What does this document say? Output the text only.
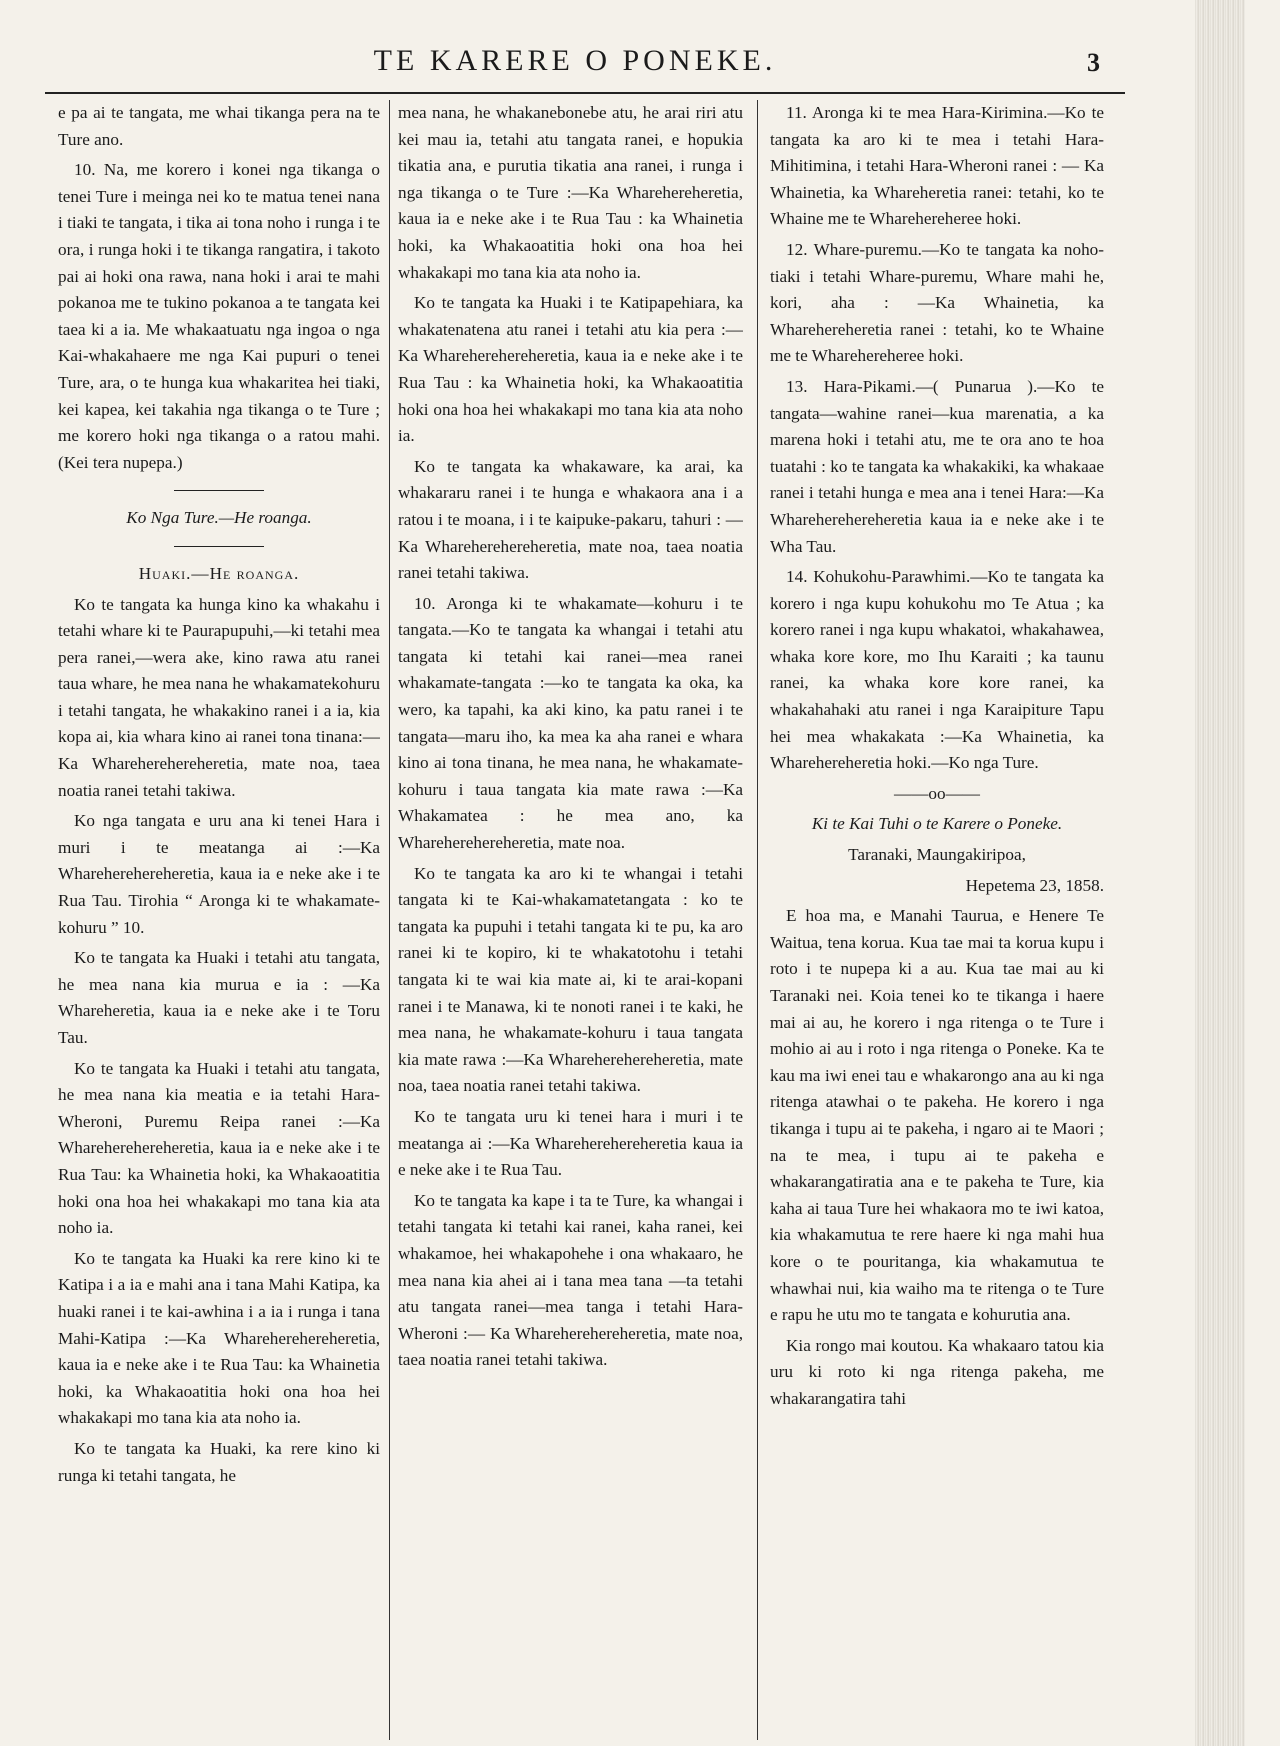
TE KARERE O PONEKE.	3

e pa ai te tangata, me whai tikanga pera na te Ture ano.

10. Na, me korero i konei nga tikanga o tenei Ture i meinga nei ko te matua tenei nana i tiaki te tangata, i tika ai tona noho i runga i te ora, i runga hoki i te tikanga rangatira, i takoto pai ai hoki ona rawa, nana hoki i arai te mahi pokanoa me te tukino pokanoa a te tangata kei taea ki a ia. Me whakaatuatu nga ingoa o nga Kai-whakahaere me nga Kai pupuri o tenei Ture, ara, o te hunga kua whakaritea hei tiaki, kei kapea, kei takahia nga tikanga o te Ture ; me korero hoki nga tikanga o a ratou mahi. (Kei tera nupepa.)

Ko Nga Ture.—He roanga.

Huaki.—He roanga.

Ko te tangata ka hunga kino ka whakahu i tetahi whare ki te Paurapupuhi,—ki tetahi mea pera ranei,—wera ake, kino rawa atu ranei taua whare, he mea nana he whakamatekohuru i tetahi tangata, he whakakino ranei i a ia, kia kopa ai, kia whara kino ai ranei tona tinana:—Ka Whareherehereheretia, mate noa, taea noatia ranei tetahi takiwa.

Ko nga tangata e uru ana ki tenei Hara i muri i te meatanga ai :—Ka Whareherehereheretia, kaua ia e neke ake i te Rua Tau. Tirohia “ Aronga ki te whakamate-kohuru ” 10.

Ko te tangata ka Huaki i tetahi atu tangata, he mea nana kia murua e ia : —Ka Whareheretia, kaua ia e neke ake i te Toru Tau.

Ko te tangata ka Huaki i tetahi atu tangata, he mea nana kia meatia e ia tetahi Hara-Wheroni, Puremu Reipa ranei :—Ka Whareherehereheretia, kaua ia e neke ake i te Rua Tau: ka Whainetia hoki, ka Whakaoatitia hoki ona hoa hei whakakapi mo tana kia ata noho ia.

Ko te tangata ka Huaki ka rere kino ki te Katipa i a ia e mahi ana i tana Mahi Katipa, ka huaki ranei i te kai-awhina i a ia i runga i tana Mahi-Katipa :—Ka Whareherehereheretia, kaua ia e neke ake i te Rua Tau: ka Whainetia hoki, ka Whakaoatitia hoki ona hoa hei whakakapi mo tana kia ata noho ia.

Ko te tangata ka Huaki, ka rere kino ki runga ki tetahi tangata, he

mea nana, he whakanebonebe atu, he arai riri atu kei mau ia, tetahi atu tangata ranei, e hopukia tikatia ana, e purutia tikatia ana ranei, i runga i nga tikanga o te Ture :—Ka Wharehereheretia, kaua ia e neke ake i te Rua Tau : ka Whainetia hoki, ka Whakaoatitia hoki ona hoa hei whakakapi mo tana kia ata noho ia.

Ko te tangata ka Huaki i te Katipapehiara, ka whakatenatena atu ranei i tetahi atu kia pera :—Ka Whareherehereheretia, kaua ia e neke ake i te Rua Tau : ka Whainetia hoki, ka Whakaoatitia hoki ona hoa hei whakakapi mo tana kia ata noho ia.

Ko te tangata ka whakaware, ka arai, ka whakararu ranei i te hunga e whakaora ana i a ratou i te moana, i i te kaipuke-pakaru, tahuri : — Ka Whareherehereheretia, mate noa, taea noatia ranei tetahi takiwa.

10. Aronga ki te whakamate—kohuru i te tangata.—Ko te tangata ka whangai i tetahi atu tangata ki tetahi kai ranei—mea ranei whakamate-tangata :—ko te tangata ka oka, ka wero, ka tapahi, ka aki kino, ka patu ranei i te tangata—maru iho, ka mea ka aha ranei e whara kino ai tona tinana, he mea nana, he whakamate-kohuru i taua tangata kia mate rawa :—Ka Whakamatea : he mea ano, ka Whareherehereheretia, mate noa.

Ko te tangata ka aro ki te whangai i tetahi tangata ki te Kai-whakamatetangata : ko te tangata ka pupuhi i tetahi tangata ki te pu, ka aro ranei ki te kopiro, ki te whakatotohu i tetahi tangata ki te wai kia mate ai, ki te arai-kopani ranei i te Manawa, ki te nonoti ranei i te kaki, he mea nana, he whakamate-kohuru i taua tangata kia mate rawa :—Ka Whareherehereheretia, mate noa, taea noatia ranei tetahi takiwa.

Ko te tangata uru ki tenei hara i muri i te meatanga ai :—Ka Whareherehereheretia kaua ia e neke ake i te Rua Tau.

Ko te tangata ka kape i ta te Ture, ka whangai i tetahi tangata ki tetahi kai ranei, kaha ranei, kei whakamoe, hei whakapohehe i ona whakaaro, he mea nana kia ahei ai i tana mea tana —ta tetahi atu tangata ranei—mea tanga i tetahi Hara-Wheroni :— Ka Whareherehereheretia, mate noa, taea noatia ranei tetahi takiwa.

11. Aronga ki te mea Hara-Kirimina.—Ko te tangata ka aro ki te mea i tetahi Hara-Mihitimina, i tetahi Hara-Wheroni ranei : — Ka Whainetia, ka Whareheretia ranei: tetahi, ko te Whaine me te Wharehereheree hoki.

12. Whare-puremu.—Ko te tangata ka noho-tiaki i tetahi Whare-puremu, Whare mahi he, kori, aha : —Ka Whainetia, ka Wharehereheretia ranei : tetahi, ko te Whaine me te Wharehereheree hoki.

13. Hara-Pikami.—( Punarua ).—Ko te tangata—wahine ranei—kua marenatia, a ka marena hoki i tetahi atu, me te ora ano te hoa tuatahi : ko te tangata ka whakakiki, ka whakaae ranei i tetahi hunga e mea ana i tenei Hara:—Ka Whareherehereheretia kaua ia e neke ake i te Wha Tau.

14. Kohukohu-Parawhimi.—Ko te tangata ka korero i nga kupu kohukohu mo Te Atua ; ka korero ranei i nga kupu whakatoi, whakahawea, whaka kore kore, mo Ihu Karaiti ; ka taunu ranei, ka whaka kore kore ranei, ka whakahahaki atu ranei i nga Karaipiture Tapu hei mea whakakata :—Ka Whainetia, ka Wharehereheretia hoki.—Ko nga Ture.

——oo——

Ki te Kai Tuhi o te Karere o Poneke.

Taranaki, Maungakiripoa,

Hepetema 23, 1858.

E hoa ma, e Manahi Taurua, e Henere Te Waitua, tena korua. Kua tae mai ta korua kupu i roto i te nupepa ki a au. Kua tae mai au ki Taranaki nei. Koia tenei ko te tikanga i haere mai ai au, he korero i nga ritenga o te Ture i mohio ai au i roto i nga ritenga o Poneke. Ka te kau ma iwi enei tau e whakarongo ana au ki nga ritenga atawhai o te pakeha. He korero i nga tikanga i tupu ai te pakeha, i ngaro ai te Maori ; na te mea, i tupu ai te pakeha e whakarangatiratia ana e te pakeha te Ture, kia kaha ai taua Ture hei whakaora mo te iwi katoa, kia whakamutua te rere haere ki nga mahi hua kore o te pouritanga, kia whakamutua te whawhai nui, kia waiho ma te ritenga o te Ture e rapu he utu mo te tangata e kohurutia ana.

Kia rongo mai koutou. Ka whakaaro tatou kia uru ki roto ki nga ritenga pakeha, me whakarangatira tahi
